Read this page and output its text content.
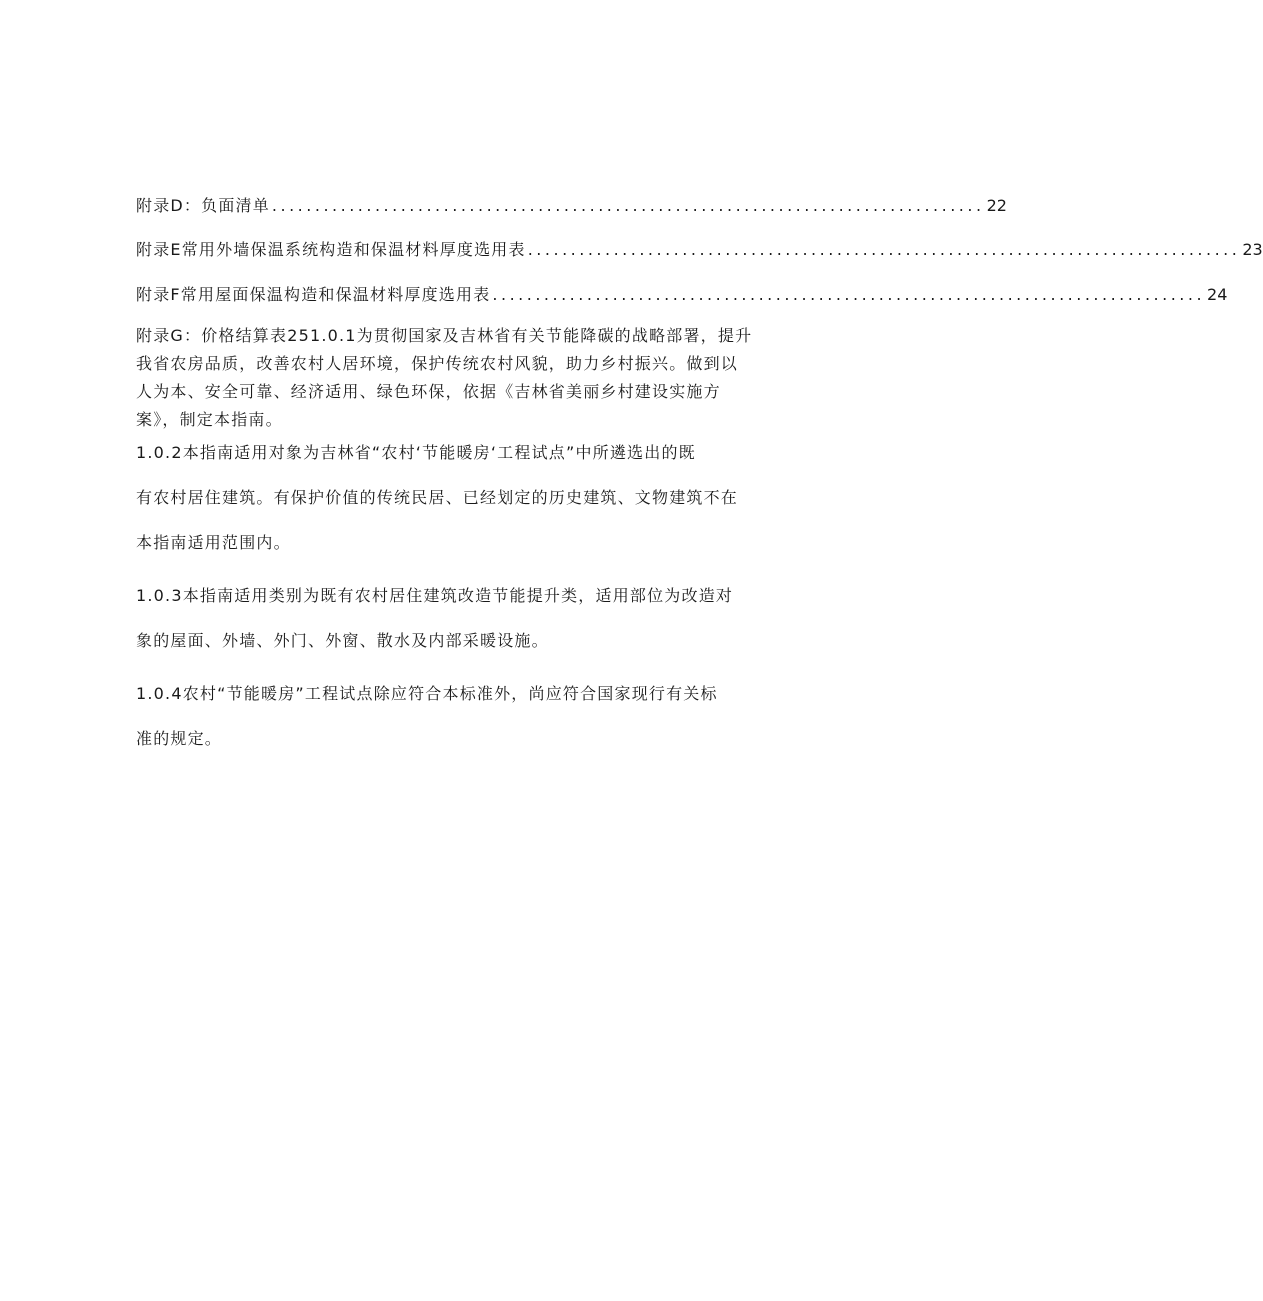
附录D：负面清单 ................................................................................... 22
附录E常用外墙保温系统构造和保温材料厚度选用表 ................................................................................... 23
附录F常用屋面保温构造和保温材料厚度选用表 ................................................................................... 24
附录G：价格结算表251.0.1为贯彻国家及吉林省有关节能降碳的战略部署，提升
我省农房品质，改善农村人居环境，保护传统农村风貌，助力乡村振兴。做到以
人为本、安全可靠、经济适用、绿色环保，依据《吉林省美丽乡村建设实施方
案》，制定本指南。
1.0.2本指南适用对象为吉林省“农村‘节能暖房‘工程试点”中所遴选出的既
有农村居住建筑。有保护价值的传统民居、已经划定的历史建筑、文物建筑不在
本指南适用范围内。
1.0.3本指南适用类别为既有农村居住建筑改造节能提升类，适用部位为改造对
象的屋面、外墙、外门、外窗、散水及内部采暖设施。
1.0.4农村“节能暖房”工程试点除应符合本标准外，尚应符合国家现行有关标
准的规定。
